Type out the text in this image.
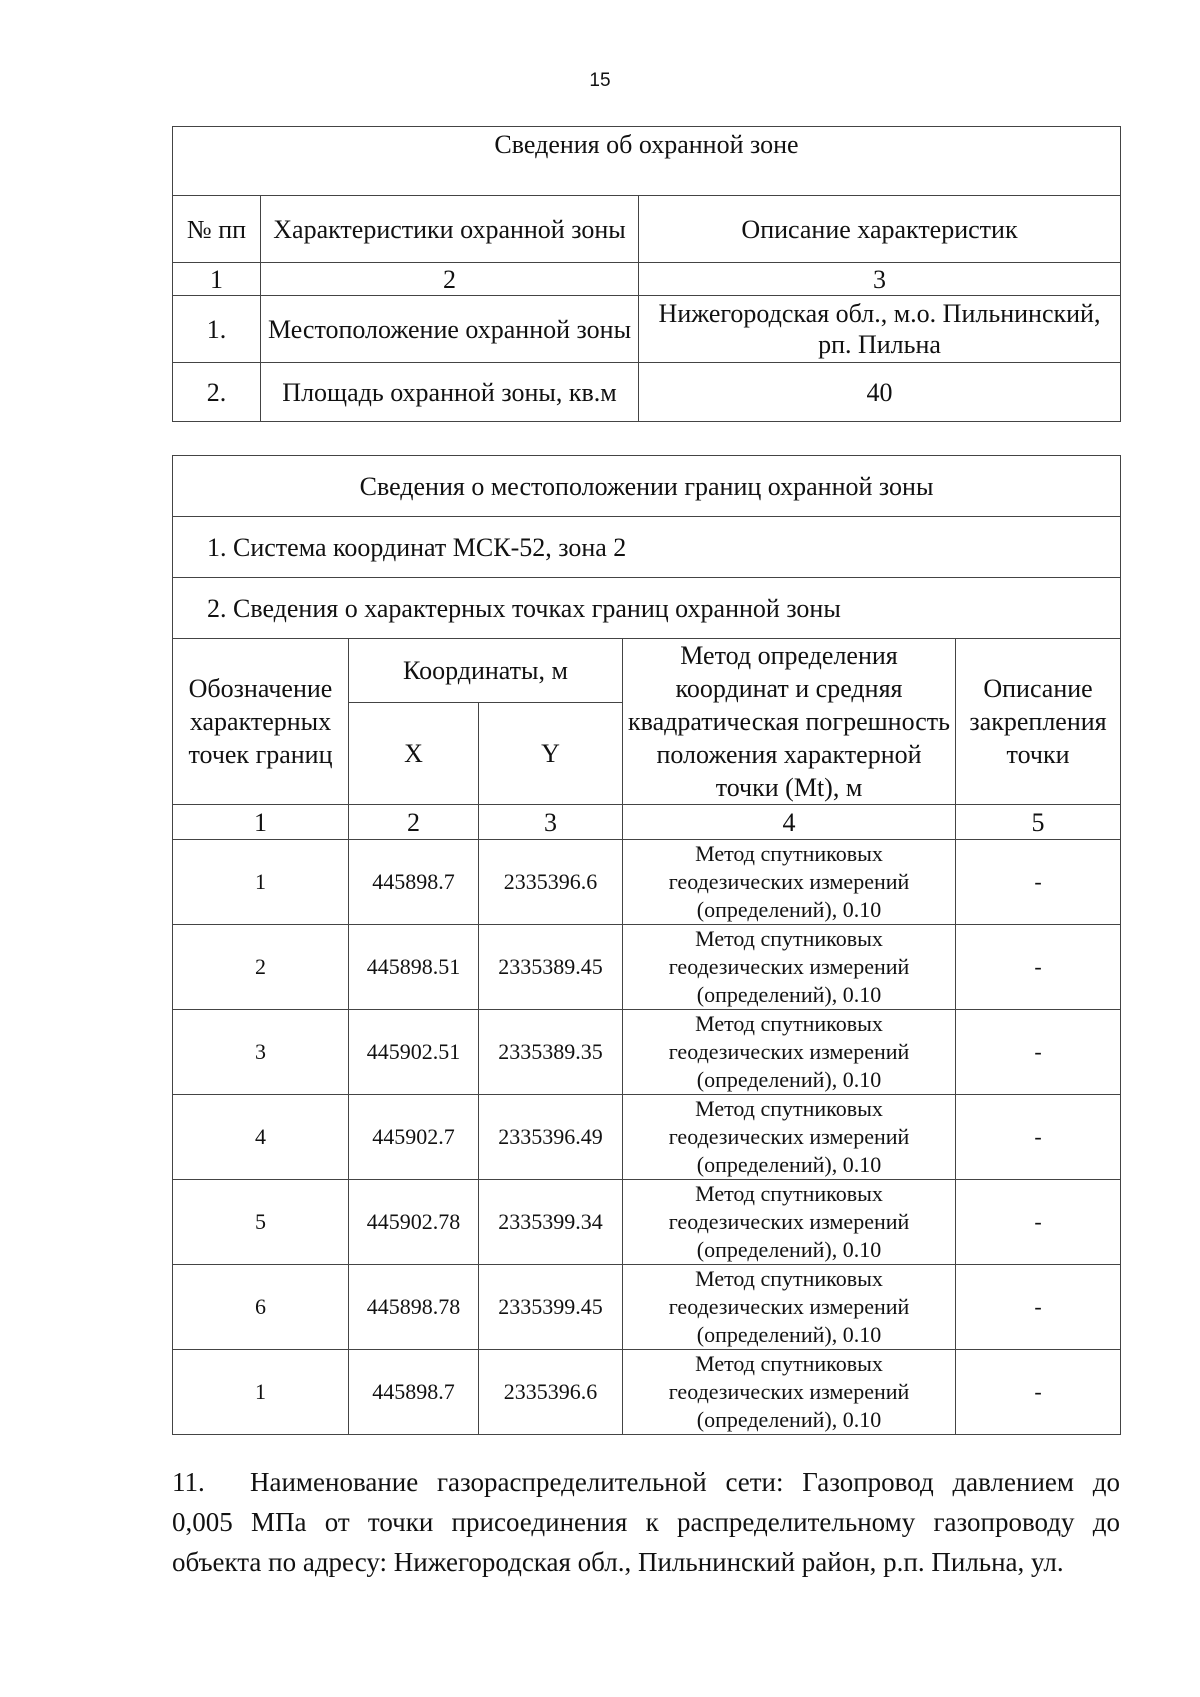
15
Сведения об охранной зоне		
№ пп	Характеристики охранной зоны	Описание характеристик
1	2	3
1.	Местоположение охранной зоны	Нижегородская обл., м.о. Пильнинский, рп. Пильна
2.	Площадь охранной зоны, кв.м	40
Сведения о местоположении границ охранной зоны				
1. Система координат МСК-52, зона 2				
2. Сведения о характерных точках границ охранной зоны				
Обозначение характерных точек границ	Координаты, м		Метод определения координат и средняя квадратическая погрешность положения характерной точки (Mt), м	Описание закрепления точки
	X	Y		
1	2	3	4	5
1	445898.7	2335396.6	Метод спутниковых геодезических измерений (определений), 0.10	-
2	445898.51	2335389.45	Метод спутниковых геодезических измерений (определений), 0.10	-
3	445902.51	2335389.35	Метод спутниковых геодезических измерений (определений), 0.10	-
4	445902.7	2335396.49	Метод спутниковых геодезических измерений (определений), 0.10	-
5	445902.78	2335399.34	Метод спутниковых геодезических измерений (определений), 0.10	-
6	445898.78	2335399.45	Метод спутниковых геодезических измерений (определений), 0.10	-
1	445898.7	2335396.6	Метод спутниковых геодезических измерений (определений), 0.10	-
11. Наименование газораспределительной сети: Газопровод давлением до 0,005 МПа от точки присоединения к распределительному газопроводу до объекта по адресу: Нижегородская обл., Пильнинский район, р.п. Пильна, ул.
